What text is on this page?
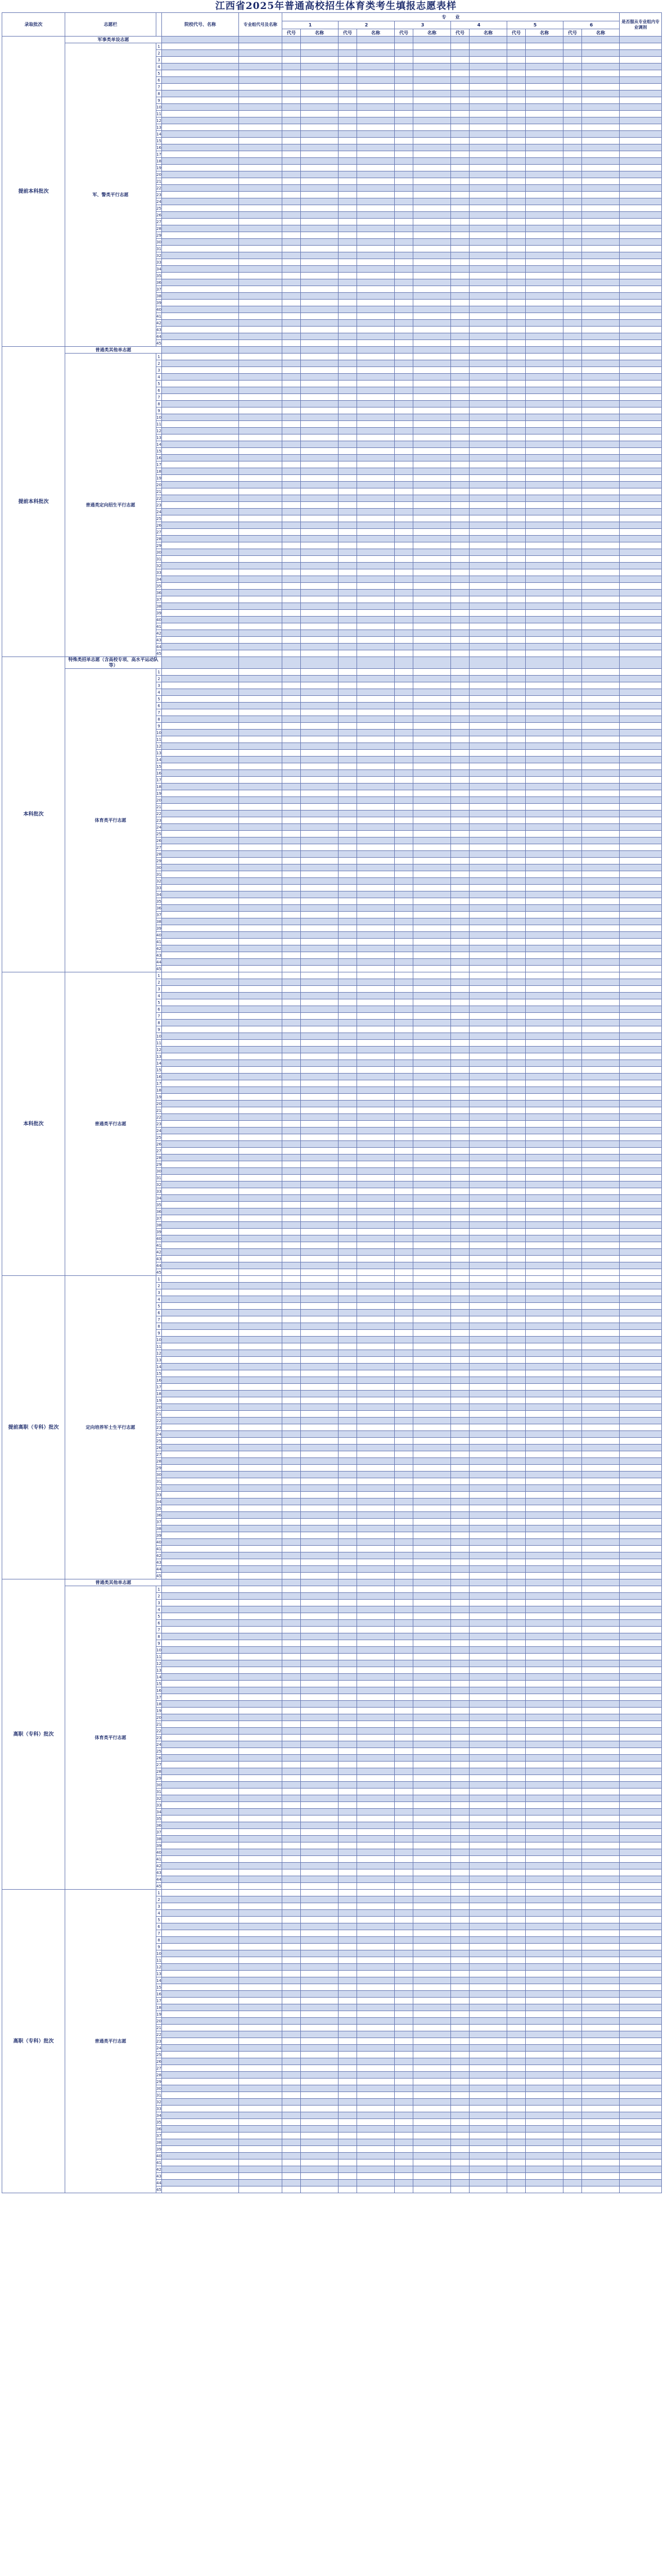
江西省2025年普通高校招生体育类考生填报志愿表样
录取批次	志愿栏		院校代号、名称	专业组代号及名称	专　　业												是否服从专业组内专业调剂
					1		2		3		4		5		6		
					代号	名称	代号	名称	代号	名称	代号	名称	代号	名称	代号	名称	
提前本科批次	军事类单设志愿																
	军、警类平行志愿	1															
		2															
		3															
		4															
		5															
		6															
		7															
		8															
		9															
		10															
		11															
		12															
		13															
		14															
		15															
		16															
		17															
		18															
		19															
		20															
		21															
		22															
		23															
		24															
		25															
		26															
		27															
		28															
		29															
		30															
		31															
		32															
		33															
		34															
		35															
		36															
		37															
		38															
		39															
		40															
		41															
		42															
		43															
		44															
		45															
提前本科批次	普通类其他单志愿																
	普通类定向招生平行志愿	1															
		2															
		3															
		4															
		5															
		6															
		7															
		8															
		9															
		10															
		11															
		12															
		13															
		14															
		15															
		16															
		17															
		18															
		19															
		20															
		21															
		22															
		23															
		24															
		25															
		26															
		27															
		28															
		29															
		30															
		31															
		32															
		33															
		34															
		35															
		36															
		37															
		38															
		39															
		40															
		41															
		42															
		43															
		44															
		45															
本科批次	特殊类招单志愿（含高校专项、高水平运动队等）																
	体育类平行志愿	1															
		2															
		3															
		4															
		5															
		6															
		7															
		8															
		9															
		10															
		11															
		12															
		13															
		14															
		15															
		16															
		17															
		18															
		19															
		20															
		21															
		22															
		23															
		24															
		25															
		26															
		27															
		28															
		29															
		30															
		31															
		32															
		33															
		34															
		35															
		36															
		37															
		38															
		39															
		40															
		41															
		42															
		43															
		44															
		45															
本科批次	普通类平行志愿	1															
		2															
		3															
		4															
		5															
		6															
		7															
		8															
		9															
		10															
		11															
		12															
		13															
		14															
		15															
		16															
		17															
		18															
		19															
		20															
		21															
		22															
		23															
		24															
		25															
		26															
		27															
		28															
		29															
		30															
		31															
		32															
		33															
		34															
		35															
		36															
		37															
		38															
		39															
		40															
		41															
		42															
		43															
		44															
		45															
提前高职（专科）批次	定向培养军士生平行志愿	1															
		2															
		3															
		4															
		5															
		6															
		7															
		8															
		9															
		10															
		11															
		12															
		13															
		14															
		15															
		16															
		17															
		18															
		19															
		20															
		21															
		22															
		23															
		24															
		25															
		26															
		27															
		28															
		29															
		30															
		31															
		32															
		33															
		34															
		35															
		36															
		37															
		38															
		39															
		40															
		41															
		42															
		43															
		44															
		45															
高职（专科）批次	普通类其他单志愿																
	体育类平行志愿	1															
		2															
		3															
		4															
		5															
		6															
		7															
		8															
		9															
		10															
		11															
		12															
		13															
		14															
		15															
		16															
		17															
		18															
		19															
		20															
		21															
		22															
		23															
		24															
		25															
		26															
		27															
		28															
		29															
		30															
		31															
		32															
		33															
		34															
		35															
		36															
		37															
		38															
		39															
		40															
		41															
		42															
		43															
		44															
		45															
高职（专科）批次	普通类平行志愿	1															
		2															
		3															
		4															
		5															
		6															
		7															
		8															
		9															
		10															
		11															
		12															
		13															
		14															
		15															
		16															
		17															
		18															
		19															
		20															
		21															
		22															
		23															
		24															
		25															
		26															
		27															
		28															
		29															
		30															
		31															
		32															
		33															
		34															
		35															
		36															
		37															
		38															
		39															
		40															
		41															
		42															
		43															
		44															
		45															
